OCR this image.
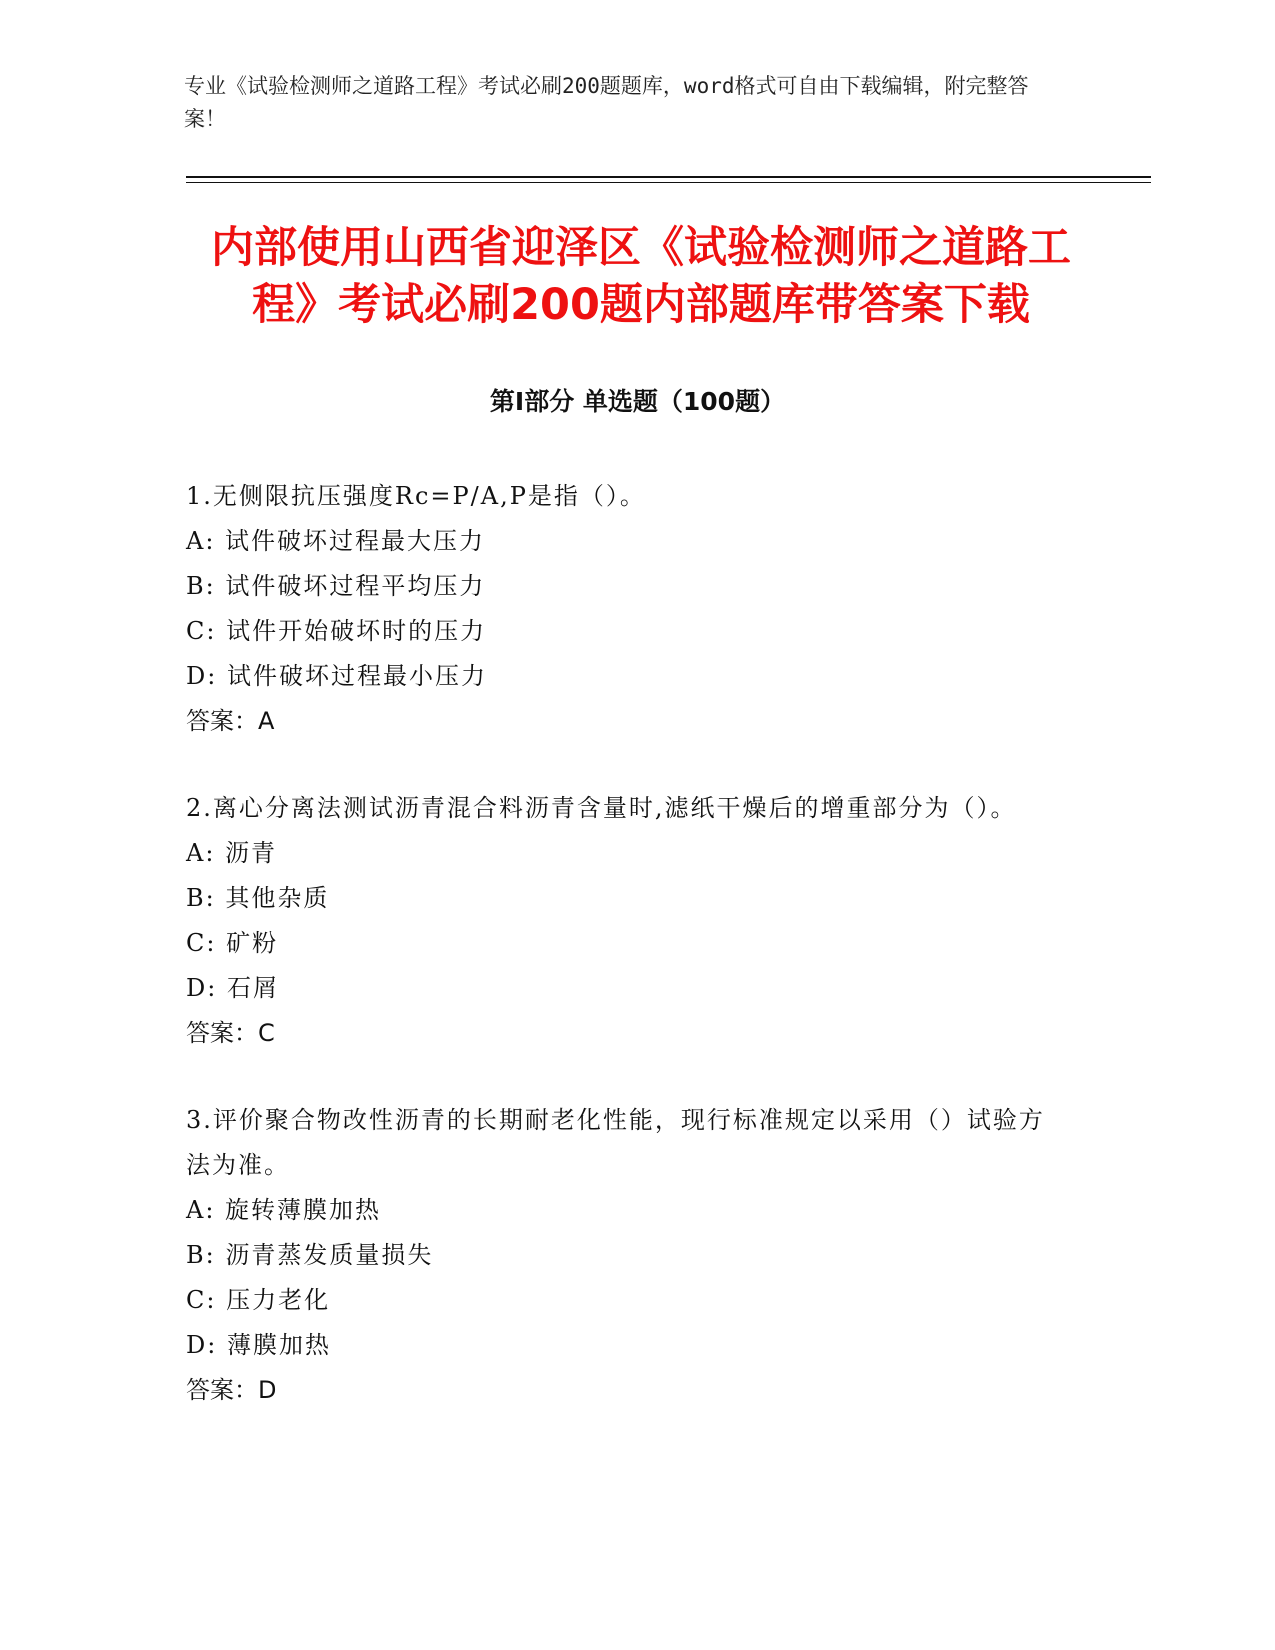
专业《试验检测师之道路工程》考试必刷200题题库，word格式可自由下载编辑，附完整答案！
内部使用山西省迎泽区《试验检测师之道路工程》考试必刷200题内部题库带答案下载
第Ⅰ部分 单选题（100题）

1.无侧限抗压强度Rc=P/A,P是指（）。

A: 试件破坏过程最大压力

B: 试件破坏过程平均压力

C: 试件开始破坏时的压力

D: 试件破坏过程最小压力

答案：A

2.离心分离法测试沥青混合料沥青含量时,滤纸干燥后的增重部分为（）。

A: 沥青

B: 其他杂质

C: 矿粉

D: 石屑

答案：C

3.评价聚合物改性沥青的长期耐老化性能，现行标准规定以采用（）试验方法为准。

A: 旋转薄膜加热

B: 沥青蒸发质量损失

C: 压力老化

D: 薄膜加热

答案：D
